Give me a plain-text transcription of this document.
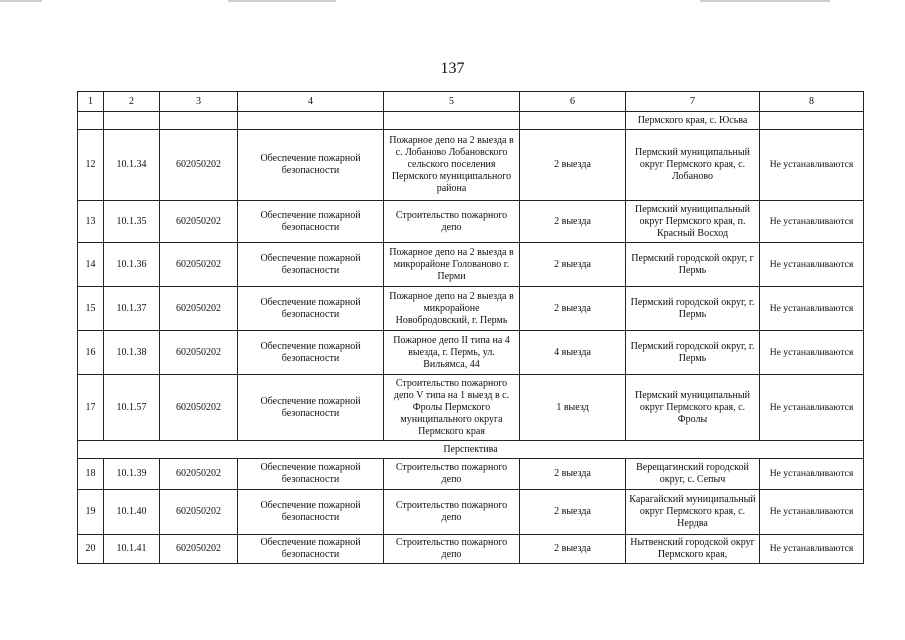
137
1	2	3	4	5	6	7	8
						Пермского края, с. Юсьва	
12	10.1.34	602050202	Обеспечение пожарной безопасности	Пожарное депо на 2 выезда в с. Лобаново Лобановского сельского поселения Пермского муниципального района	2 выезда	Пермский муниципальный округ Пермского края, с. Лобаново	Не устанавливаются
13	10.1.35	602050202	Обеспечение пожарной безопасности	Строительство пожарного депо	2 выезда	Пермский муниципальный округ Пермского края, п. Красный Восход	Не устанавливаются
14	10.1.36	602050202	Обеспечение пожарной безопасности	Пожарное депо на 2 выезда в микрорайоне Голованово г. Перми	2 выезда	Пермский городской округ, г Пермь	Не устанавливаются
15	10.1.37	602050202	Обеспечение пожарной безопасности	Пожарное депо на 2 выезда в микрорайоне Новобродовский, г. Пермь	2 выезда	Пермский городской округ, г. Пермь	Не устанавливаются
16	10.1.38	602050202	Обеспечение пожарной безопасности	Пожарное депо II типа на 4 выезда, г. Пермь, ул. Вильямса, 44	4 выезда	Пермский городской округ, г. Пермь	Не устанавливаются
17	10.1.57	602050202	Обеспечение пожарной безопасности	Строительство пожарного депо V типа на 1 выезд в с. Фролы Пермского муниципального округа Пермского края	1 выезд	Пермский муниципальный округ Пермского края, с. Фролы	Не устанавливаются
Перспектива							
18	10.1.39	602050202	Обеспечение пожарной безопасности	Строительство пожарного депо	2 выезда	Верещагинский городской округ, с. Сепыч	Не устанавливаются
19	10.1.40	602050202	Обеспечение пожарной безопасности	Строительство пожарного депо	2 выезда	Карагайский муниципальный округ Пермского края, с. Нердва	Не устанавливаются
20	10.1.41	602050202	Обеспечение пожарной безопасности	Строительство пожарного депо	2 выезда	Нытвенский городской округ Пермского края,	Не устанавливаются
